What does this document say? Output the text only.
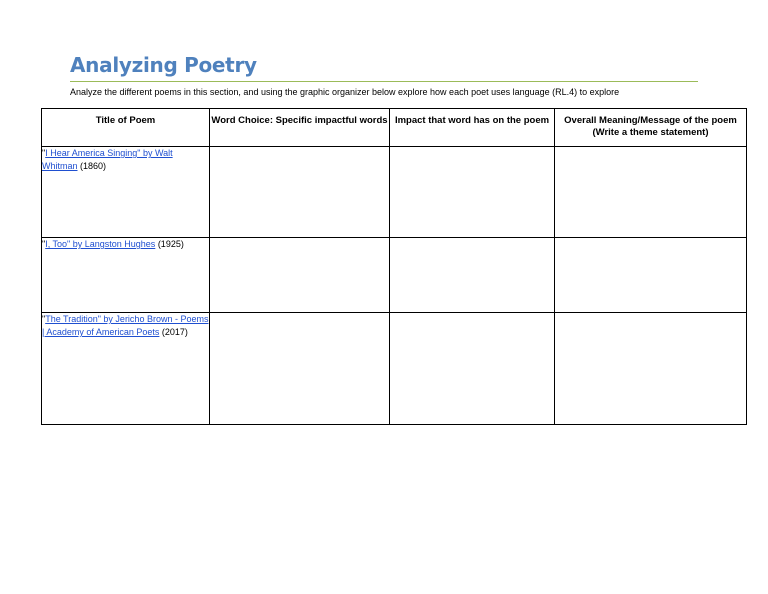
Analyzing Poetry
Analyze the different poems in this section, and using the graphic organizer below explore how each poet uses language (RL.4) to explore
Title of Poem	Word Choice: Specific impactful words	Impact that word has on the poem	Overall Meaning/Message of the poem
(Write a theme statement)
"I Hear America Singing" by Walt Whitman (1860)			
"I, Too" by Langston Hughes (1925)			
"The Tradition" by Jericho Brown - Poems | Academy of American Poets (2017)			
